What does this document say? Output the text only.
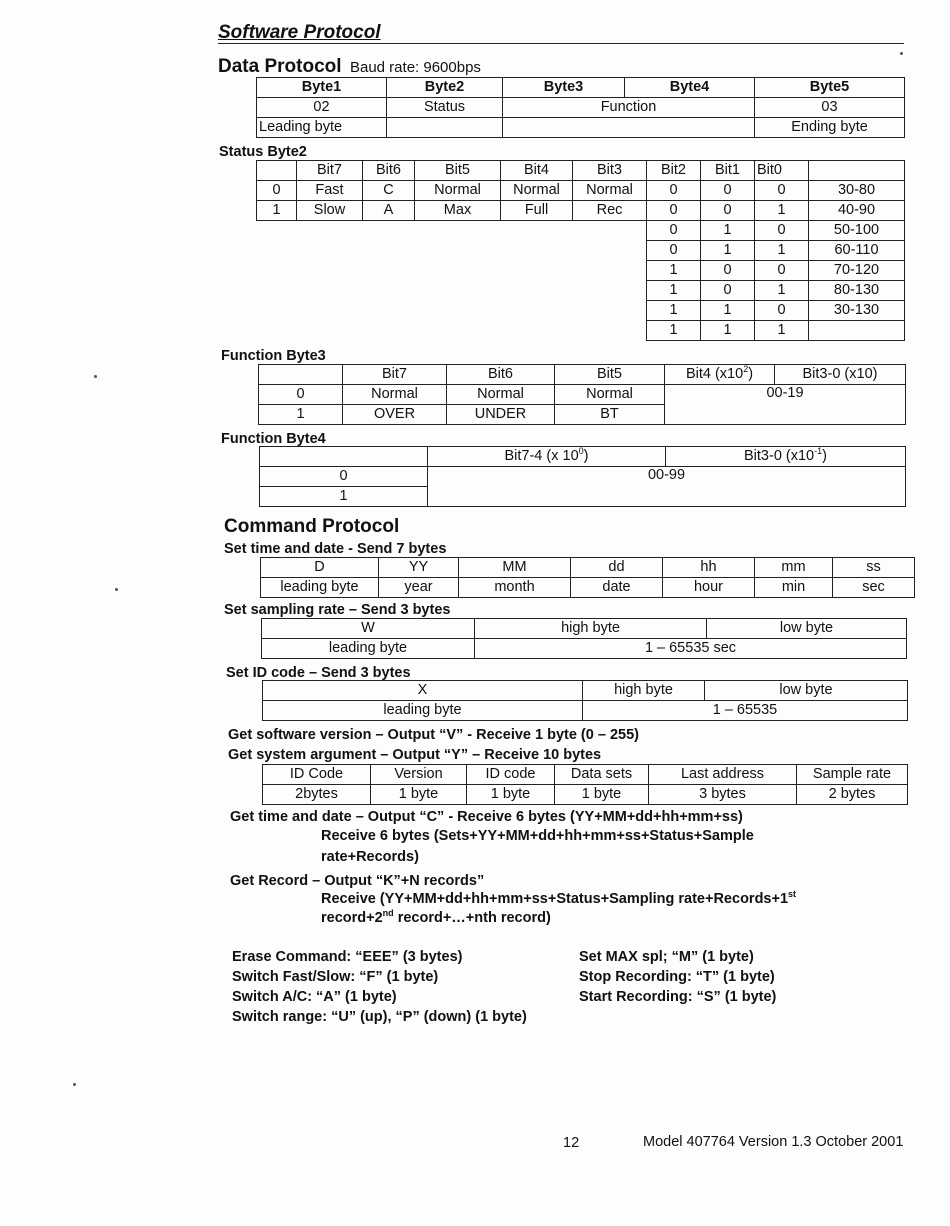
Software Protocol
Data Protocol Baud rate: 9600bps
Byte1	Byte2	Byte3	Byte4	Byte5
02	Status	Function		03
Leading byte				Ending byte
Status Byte2
	Bit7	Bit6	Bit5	Bit4	Bit3	Bit2	Bit1	Bit0	
0	Fast	C	Normal	Normal	Normal	0	0	0	30-80
1	Slow	A	Max	Full	Rec	0	0	1	40-90
						0	1	0	50-100
						0	1	1	60-110
						1	0	0	70-120
						1	0	1	80-130
						1	1	0	30-130
						1	1	1	
Function Byte3
	Bit7	Bit6	Bit5	Bit4 $(x10^2)$	Bit3-0 (x10)
0	Normal	Normal	Normal	00-19	
1	OVER	UNDER	BT		
Function Byte4
	Bit7-4 (x $10^0$)	Bit3-0 $(x10^{-1})$
0	00-99	
1		
Command Protocol
Set time and date - Send 7 bytes
D	YY	MM	dd	hh	mm	ss
leading byte	year	month	date	hour	min	sec
Set sampling rate – Send 3 bytes
W	high byte	low byte
leading byte	1 – 65535 sec	
Set ID code – Send 3 bytes
X	high byte	low byte
leading byte	1 – 65535	
Get software version – Output “V” - Receive 1 byte (0 – 255)
Get system argument – Output “Y” – Receive 10 bytes
ID Code	Version	ID code	Data sets	Last address	Sample rate
2bytes	1 byte	1 byte	1 byte	3 bytes	2 bytes
Get time and date – Output “C” - Receive 6 bytes (YY+MM+dd+hh+mm+ss)
Receive 6 bytes (Sets+YY+MM+dd+hh+mm+ss+Status+Sample
rate+Records)
Get Record – Output “K”+N records”
Receive (YY+MM+dd+hh+mm+ss+Status+Sampling rate+Records+1st
record+2nd record+…+nth record)
Erase Command: “EEE” (3 bytes)
Switch Fast/Slow: “F” (1 byte)
Switch A/C: “A” (1 byte)
Switch range: “U” (up), “P” (down) (1 byte)
Set MAX spl; “M” (1 byte)
Stop Recording: “T” (1 byte)
Start Recording: “S” (1 byte)
12	Model 407764 Version 1.3 October 2001
